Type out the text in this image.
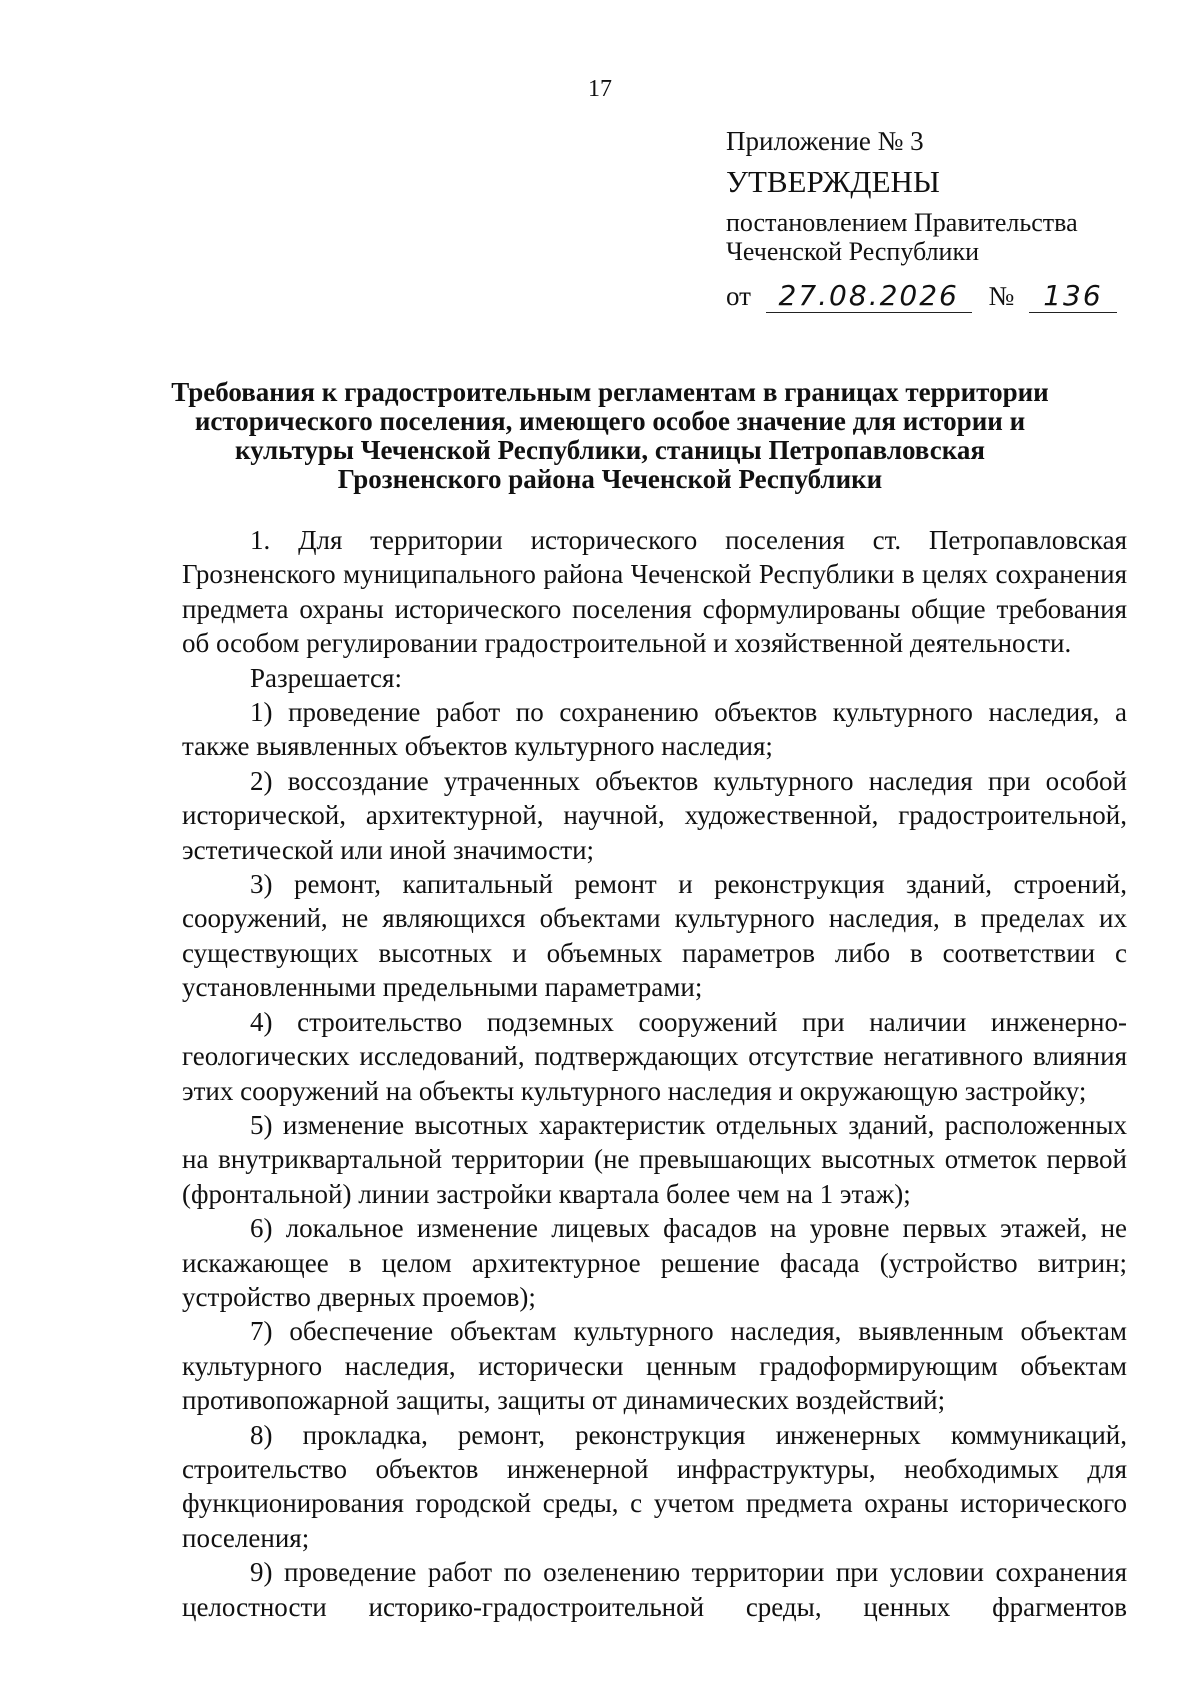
17
Приложение № 3
УТВЕРЖДЕНЫ
постановлением Правительства
Чеченской Республики
от 27.08.2026 № 136
Требования к градостроительным регламентам в границах территории исторического поселения, имеющего особое значение для истории и культуры Чеченской Республики, станицы Петропавловская Грозненского района Чеченской Республики

1. Для территории исторического поселения ст. Петропавловская Грозненского муниципального района Чеченской Республики в целях сохранения предмета охраны исторического поселения сформулированы общие требования об особом регулировании градостроительной и хозяйственной деятельности.

Разрешается:

1) проведение работ по сохранению объектов культурного наследия, а также выявленных объектов культурного наследия;

2) воссоздание утраченных объектов культурного наследия при особой исторической, архитектурной, научной, художественной, градостроительной, эстетической или иной значимости;

3) ремонт, капитальный ремонт и реконструкция зданий, строений, сооружений, не являющихся объектами культурного наследия, в пределах их существующих высотных и объемных параметров либо в соответствии с установленными предельными параметрами;

4) строительство подземных сооружений при наличии инженерно-геологических исследований, подтверждающих отсутствие негативного влияния этих сооружений на объекты культурного наследия и окружающую застройку;

5) изменение высотных характеристик отдельных зданий, расположенных на внутриквартальной территории (не превышающих высотных отметок первой (фронтальной) линии застройки квартала более чем на 1 этаж);

6) локальное изменение лицевых фасадов на уровне первых этажей, не искажающее в целом архитектурное решение фасада (устройство витрин; устройство дверных проемов);

7) обеспечение объектам культурного наследия, выявленным объектам культурного наследия, исторически ценным градоформирующим объектам противопожарной защиты, защиты от динамических воздействий;

8) прокладка, ремонт, реконструкция инженерных коммуникаций, строительство объектов инженерной инфраструктуры, необходимых для функционирования городской среды, с учетом предмета охраны исторического поселения;

9) проведение работ по озеленению территории при условии сохранения целостности историко-градостроительной среды, ценных фрагментов
